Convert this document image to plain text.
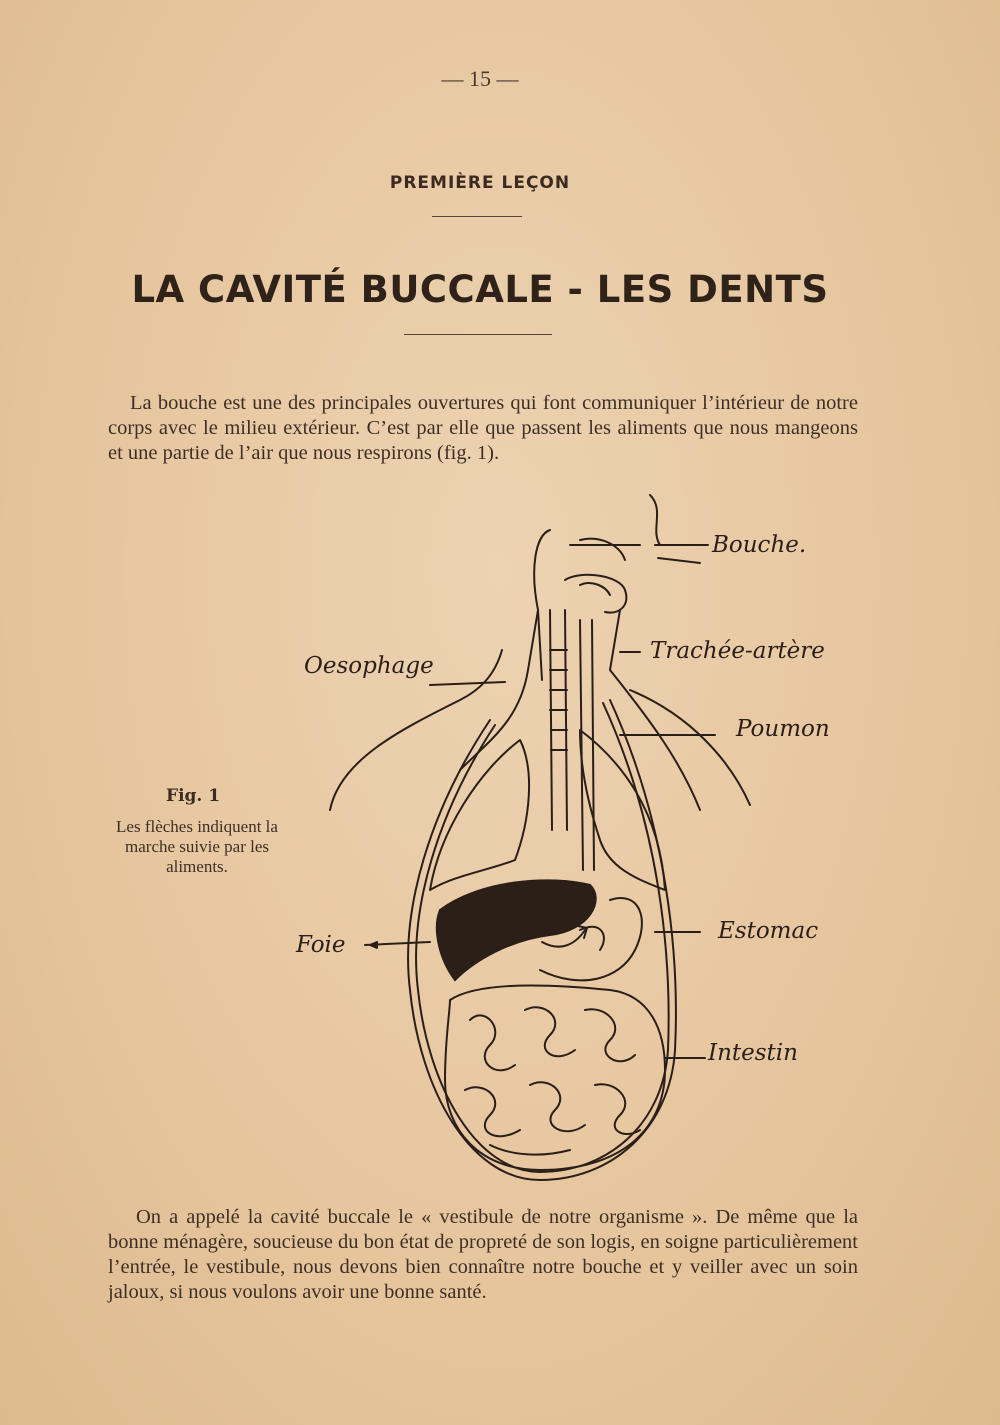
— 15 —
PREMIÈRE LEÇON
LA CAVITÉ BUCCALE - LES DENTS

La bouche est une des principales ouvertures qui font communiquer l’intérieur de notre corps avec le milieu extérieur. C’est par elle que passent les aliments que nous mangeons et une partie de l’air que nous respirons (fig. 1).

Fig. 1
Les flèches indiquent la marche suivie par les aliments.
Bouche.
Trachée-artère
Oesophage
Poumon
Foie
Estomac
Intestin

On a appelé la cavité buccale le « vestibule de notre organisme ». De même que la bonne ménagère, soucieuse du bon état de propreté de son logis, en soigne particulièrement l’entrée, le vestibule, nous devons bien connaître notre bouche et y veiller avec un soin jaloux, si nous voulons avoir une bonne santé.
